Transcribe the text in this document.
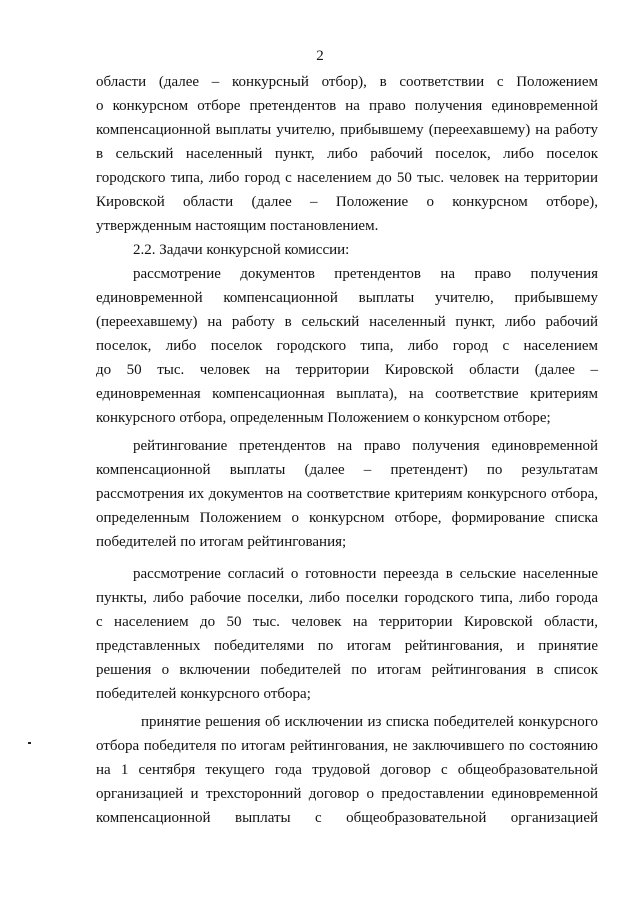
2
области (далее – конкурсный отбор), в соответствии с Положением
о конкурсном отборе претендентов на право получения единовременной
компенсационной выплаты учителю, прибывшему (переехавшему) на работу
в сельский населенный пункт, либо рабочий поселок, либо поселок
городского типа, либо город с населением до 50 тыс. человек на территории
Кировской области (далее – Положение о конкурсном отборе),
утвержденным настоящим постановлением.
2.2. Задачи конкурсной комиссии:
рассмотрение документов претендентов на право получения
единовременной компенсационной выплаты учителю, прибывшему
(переехавшему) на работу в сельский населенный пункт, либо рабочий
поселок, либо поселок городского типа, либо город с населением
до 50 тыс. человек на территории Кировской области (далее –
единовременная компенсационная выплата), на соответствие критериям
конкурсного отбора, определенным Положением о конкурсном отборе;
рейтингование претендентов на право получения единовременной
компенсационной выплаты (далее – претендент) по результатам
рассмотрения их документов на соответствие критериям конкурсного отбора,
определенным Положением о конкурсном отборе, формирование списка
победителей по итогам рейтингования;
рассмотрение согласий о готовности переезда в сельские населенные
пункты, либо рабочие поселки, либо поселки городского типа, либо города
с населением до 50 тыс. человек на территории Кировской области,
представленных победителями по итогам рейтингования, и принятие
решения о включении победителей по итогам рейтингования в список
победителей конкурсного отбора;
принятие решения об исключении из списка победителей конкурсного
отбора победителя по итогам рейтингования, не заключившего по состоянию
на 1 сентября текущего года трудовой договор с общеобразовательной
организацией и трехсторонний договор о предоставлении единовременной
компенсационной выплаты с общеобразовательной организацией
